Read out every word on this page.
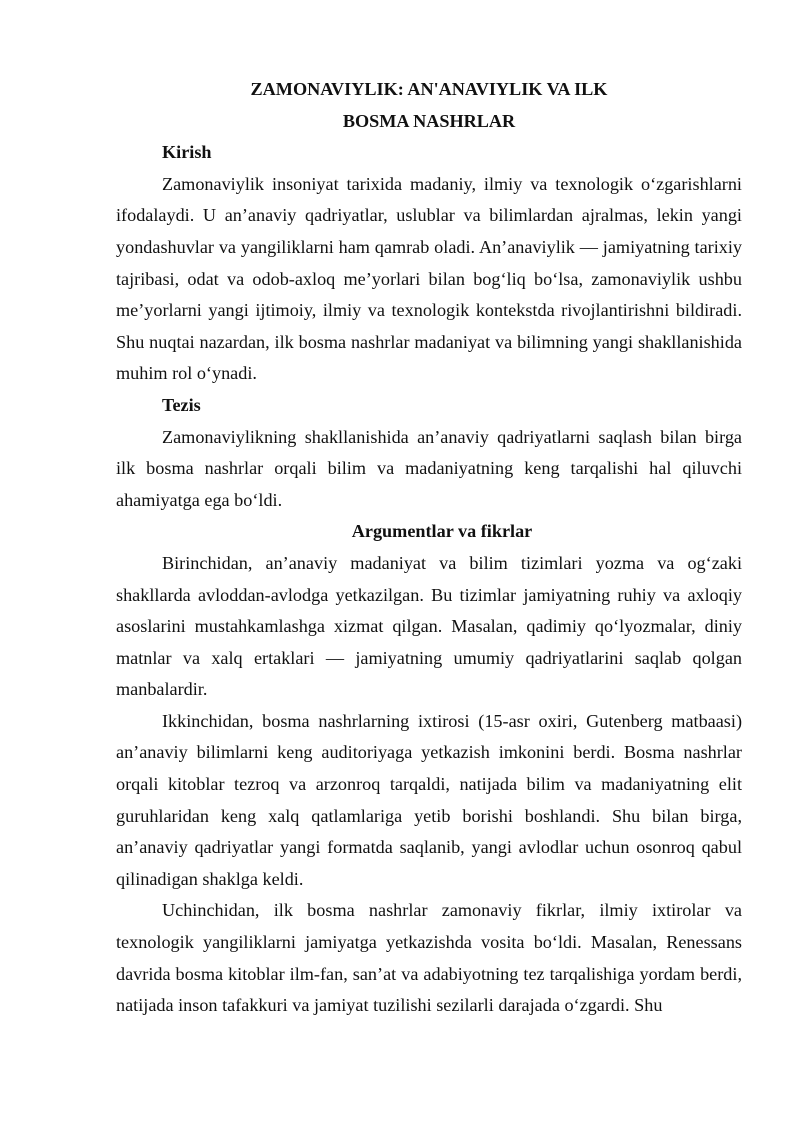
ZAMONAVIYLIK: AN'ANAVIYLIK VA ILK

BOSMA NASHRLAR

Kirish

Zamonaviylik insoniyat tarixida madaniy, ilmiy va texnologik o‘zgarishlarni ifodalaydi. U an’anaviy qadriyatlar, uslublar va bilimlardan ajralmas, lekin yangi yondashuvlar va yangiliklarni ham qamrab oladi. An’anaviylik — jamiyatning tarixiy tajribasi, odat va odob-axloq me’yorlari bilan bog‘liq bo‘lsa, zamonaviylik ushbu me’yorlarni yangi ijtimoiy, ilmiy va texnologik kontekstda rivojlantirishni bildiradi. Shu nuqtai nazardan, ilk bosma nashrlar madaniyat va bilimning yangi shakllanishida muhim rol o‘ynadi.

Tezis

Zamonaviylikning shakllanishida an’anaviy qadriyatlarni saqlash bilan birga ilk bosma nashrlar orqali bilim va madaniyatning keng tarqalishi hal qiluvchi ahamiyatga ega bo‘ldi.

Argumentlar va fikrlar

Birinchidan, an’anaviy madaniyat va bilim tizimlari yozma va og‘zaki shakllarda avloddan-avlodga yetkazilgan. Bu tizimlar jamiyatning ruhiy va axloqiy asoslarini mustahkamlashga xizmat qilgan. Masalan, qadimiy qo‘lyozmalar, diniy matnlar va xalq ertaklari — jamiyatning umumiy qadriyatlarini saqlab qolgan manbalardir.

Ikkinchidan, bosma nashrlarning ixtirosi (15-asr oxiri, Gutenberg matbaasi) an’anaviy bilimlarni keng auditoriyaga yetkazish imkonini berdi. Bosma nashrlar orqali kitoblar tezroq va arzonroq tarqaldi, natijada bilim va madaniyatning elit guruhlaridan keng xalq qatlamlariga yetib borishi boshlandi. Shu bilan birga, an’anaviy qadriyatlar yangi formatda saqlanib, yangi avlodlar uchun osonroq qabul qilinadigan shaklga keldi.

Uchinchidan, ilk bosma nashrlar zamonaviy fikrlar, ilmiy ixtirolar va texnologik yangiliklarni jamiyatga yetkazishda vosita bo‘ldi. Masalan, Renessans davrida bosma kitoblar ilm-fan, san’at va adabiyotning tez tarqalishiga yordam berdi, natijada inson tafakkuri va jamiyat tuzilishi sezilarli darajada o‘zgardi. Shu
